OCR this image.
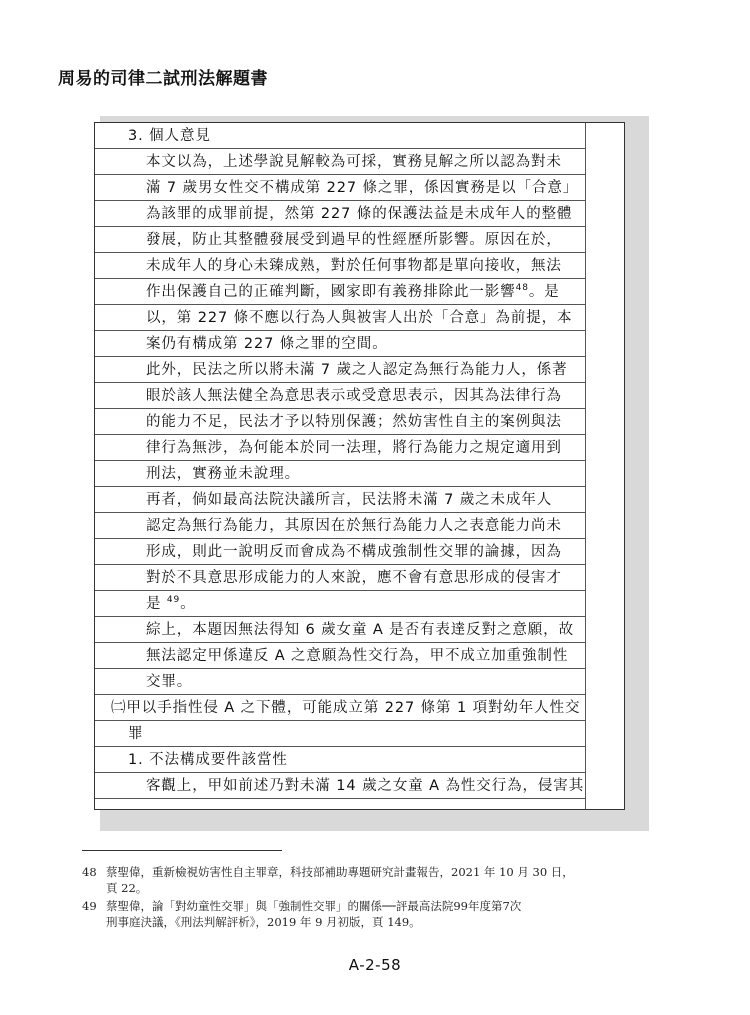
周易的司律二試刑法解題書
3. 個人意見
本文以為，上述學說見解較為可採，實務見解之所以認為對未
滿 7 歲男女性交不構成第 227 條之罪，係因實務是以「合意」
為該罪的成罪前提，然第 227 條的保護法益是未成年人的整體
發展，防止其整體發展受到過早的性經歷所影響。原因在於，
未成年人的身心未臻成熟，對於任何事物都是單向接收，無法
作出保護自己的正確判斷，國家即有義務排除此一影響$^{48}$。是
以，第 227 條不應以行為人與被害人出於「合意」為前提，本
案仍有構成第 227 條之罪的空間。
此外，民法之所以將未滿 7 歲之人認定為無行為能力人，係著
眼於該人無法健全為意思表示或受意思表示，因其為法律行為
的能力不足，民法才予以特別保護；然妨害性自主的案例與法
律行為無涉，為何能本於同一法理，將行為能力之規定適用到
刑法，實務並未說理。
再者，倘如最高法院決議所言，民法將未滿 7 歲之未成年人
認定為無行為能力，其原因在於無行為能力人之表意能力尚未
形成，則此一說明反而會成為不構成強制性交罪的論據，因為
對於不具意思形成能力的人來說，應不會有意思形成的侵害才
是 $^{49}$。
綜上，本題因無法得知 6 歲女童 A 是否有表達反對之意願，故
無法認定甲係違反 A 之意願為性交行為，甲不成立加重強制性
交罪。
㈡甲以手指性侵 A 之下體，可能成立第 227 條第 1 項對幼年人性交
罪
1. 不法構成要件該當性
客觀上，甲如前述乃對未滿 14 歲之女童 A 為性交行為，侵害其
48 蔡聖偉，重新檢視妨害性自主罪章，科技部補助專題研究計畫報告，2021 年 10 月 30 日，
頁 22。
49 蔡聖偉，論「對幼童性交罪」與「強制性交罪」的關係──評最高法院99年度第7次
刑事庭決議，《刑法判解評析》，2019 年 9 月初版，頁 149。
A-2-58
